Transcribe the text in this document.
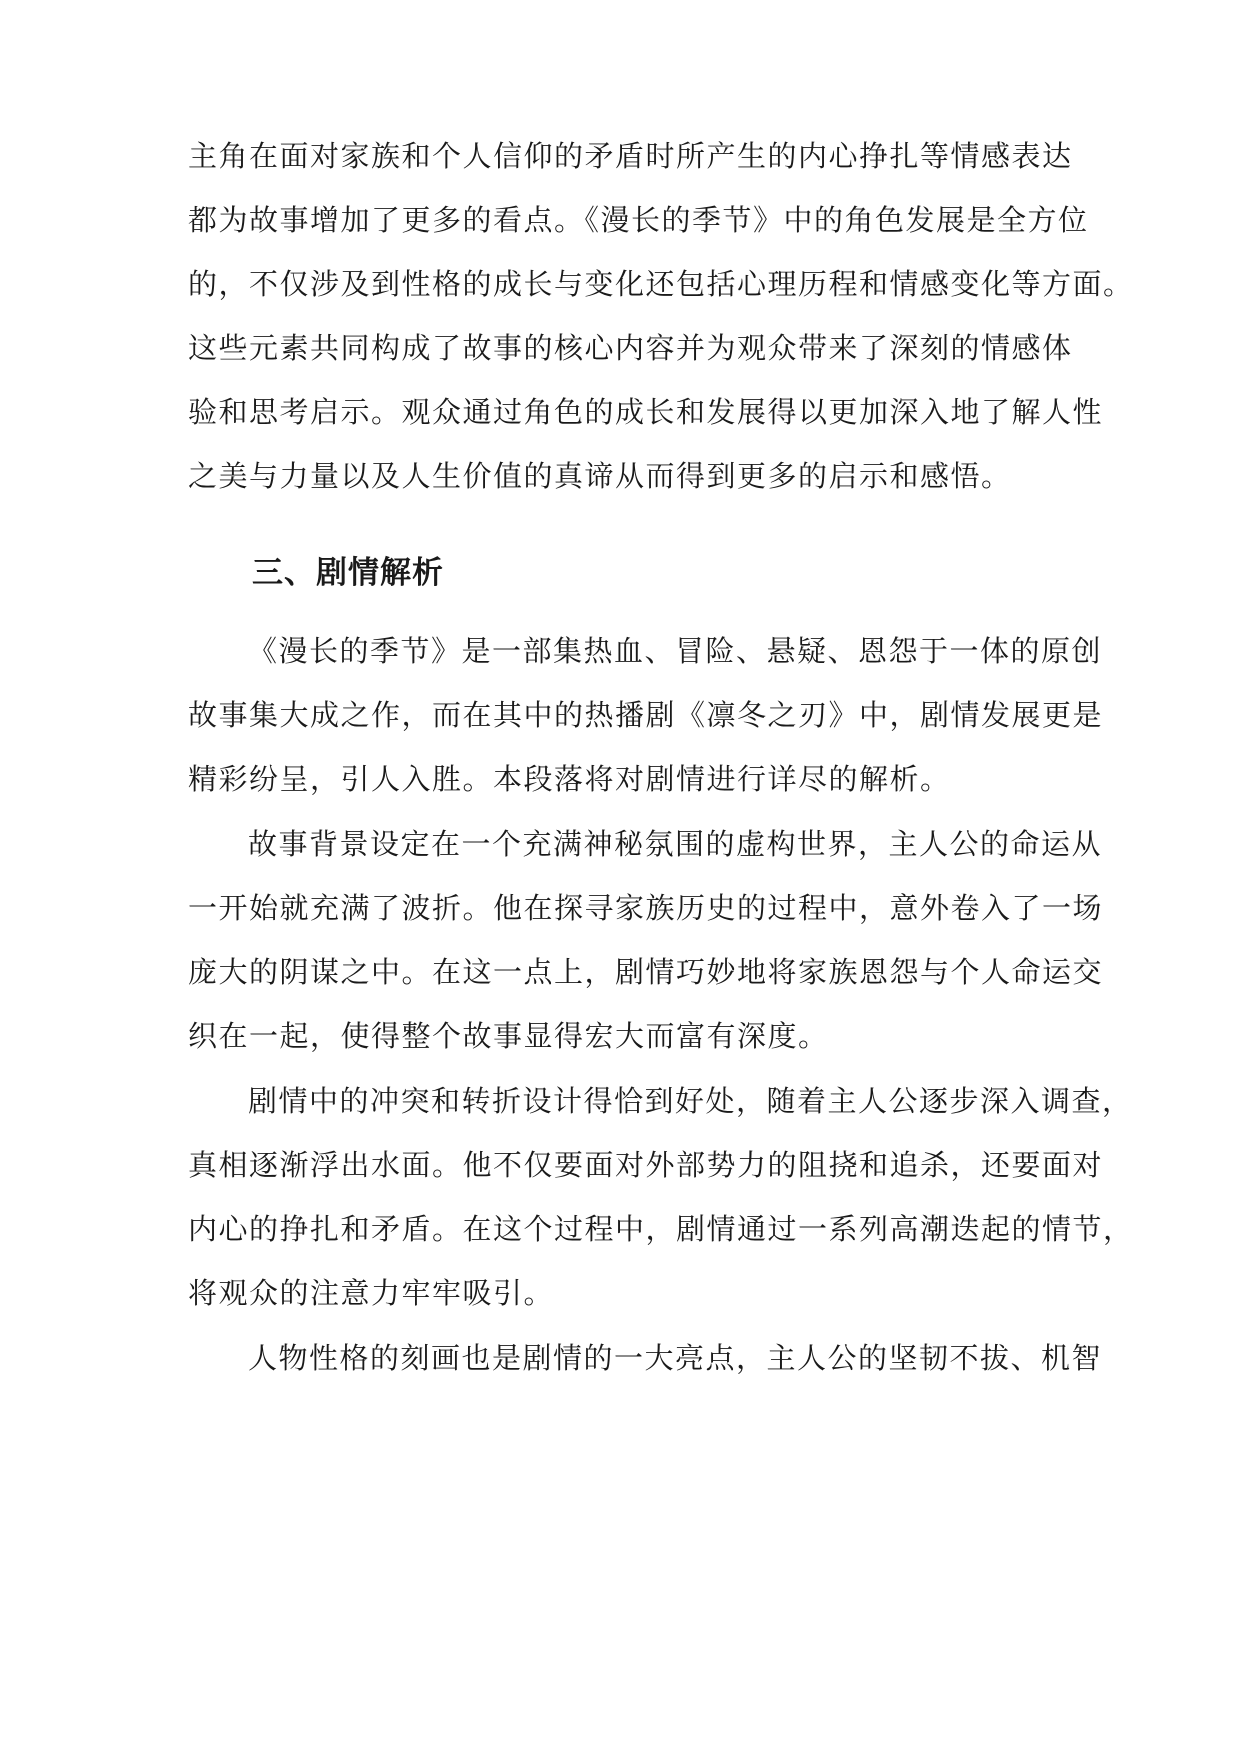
主角在面对家族和个人信仰的矛盾时所产生的内心挣扎等情感表达
都为故事增加了更多的看点。《漫长的季节》中的角色发展是全方位
的，不仅涉及到性格的成长与变化还包括心理历程和情感变化等方面。
这些元素共同构成了故事的核心内容并为观众带来了深刻的情感体
验和思考启示。观众通过角色的成长和发展得以更加深入地了解人性
之美与力量以及人生价值的真谛从而得到更多的启示和感悟。
三、剧情解析
《漫长的季节》是一部集热血、冒险、悬疑、恩怨于一体的原创
故事集大成之作，而在其中的热播剧《凛冬之刃》中，剧情发展更是
精彩纷呈，引人入胜。本段落将对剧情进行详尽的解析。
故事背景设定在一个充满神秘氛围的虚构世界，主人公的命运从
一开始就充满了波折。他在探寻家族历史的过程中，意外卷入了一场
庞大的阴谋之中。在这一点上，剧情巧妙地将家族恩怨与个人命运交
织在一起，使得整个故事显得宏大而富有深度。
剧情中的冲突和转折设计得恰到好处，随着主人公逐步深入调查，
真相逐渐浮出水面。他不仅要面对外部势力的阻挠和追杀，还要面对
内心的挣扎和矛盾。在这个过程中，剧情通过一系列高潮迭起的情节，
将观众的注意力牢牢吸引。
人物性格的刻画也是剧情的一大亮点，主人公的坚韧不拔、机智
